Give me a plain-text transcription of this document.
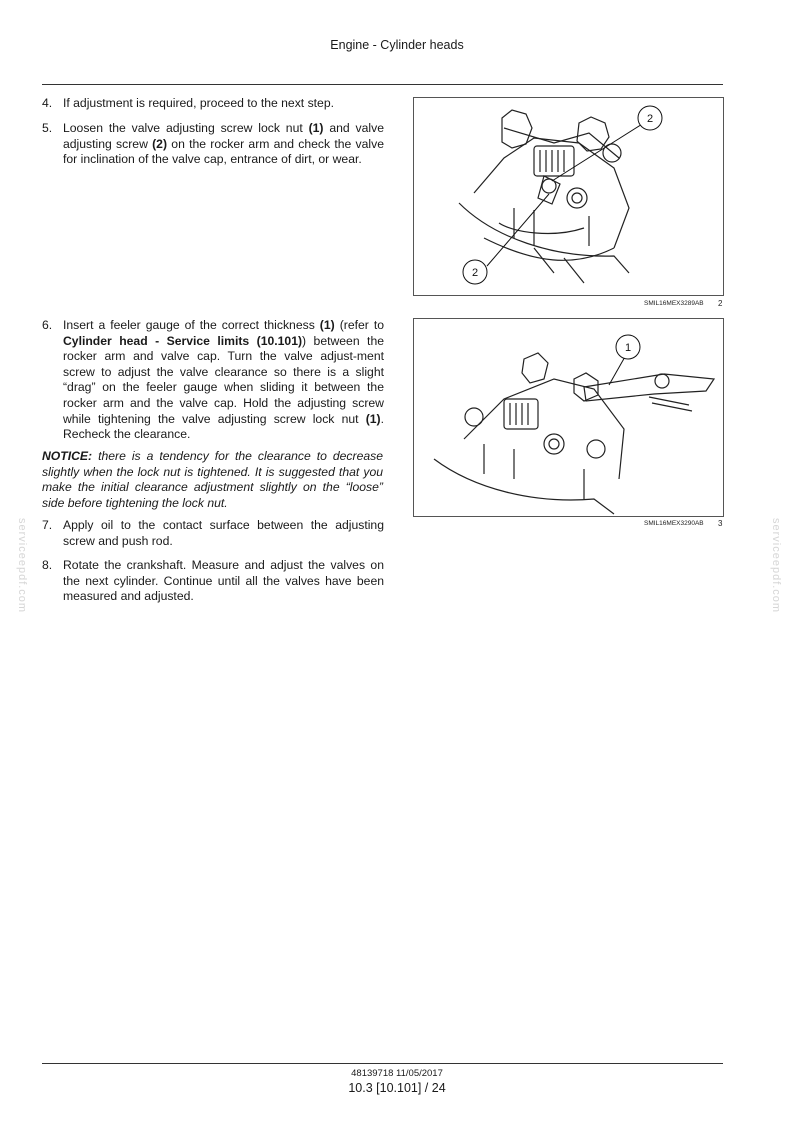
Engine - Cylinder heads
4. If adjustment is required, proceed to the next step.
5. Loosen the valve adjusting screw lock nut (1) and valve adjusting screw (2) on the rocker arm and check the valve for inclination of the valve cap, entrance of dirt, or wear.
6. Insert a feeler gauge of the correct thickness (1) (refer to Cylinder head - Service limits (10.101)) between the rocker arm and valve cap. Turn the valve adjust-ment screw to adjust the valve clearance so there is a slight “drag” on the feeler gauge when sliding it between the rocker arm and the valve cap. Hold the adjusting screw while tightening the valve adjusting screw lock nut (1). Recheck the clearance.
NOTICE: there is a tendency for the clearance to decrease slightly when the lock nut is tightened. It is suggested that you make the initial clearance adjustment slightly on the “loose” side before tightening the lock nut.
7. Apply oil to the contact surface between the adjusting screw and push rod.
8. Rotate the crankshaft. Measure and adjust the valves on the next cylinder. Continue until all the valves have been measured and adjusted.
2
2
SMIL16MEX3289AB 2
1
SMIL16MEX3290AB 3
serviceepdf.com	serviceepdf.com
48139718 11/05/2017
10.3 [10.101] / 24
